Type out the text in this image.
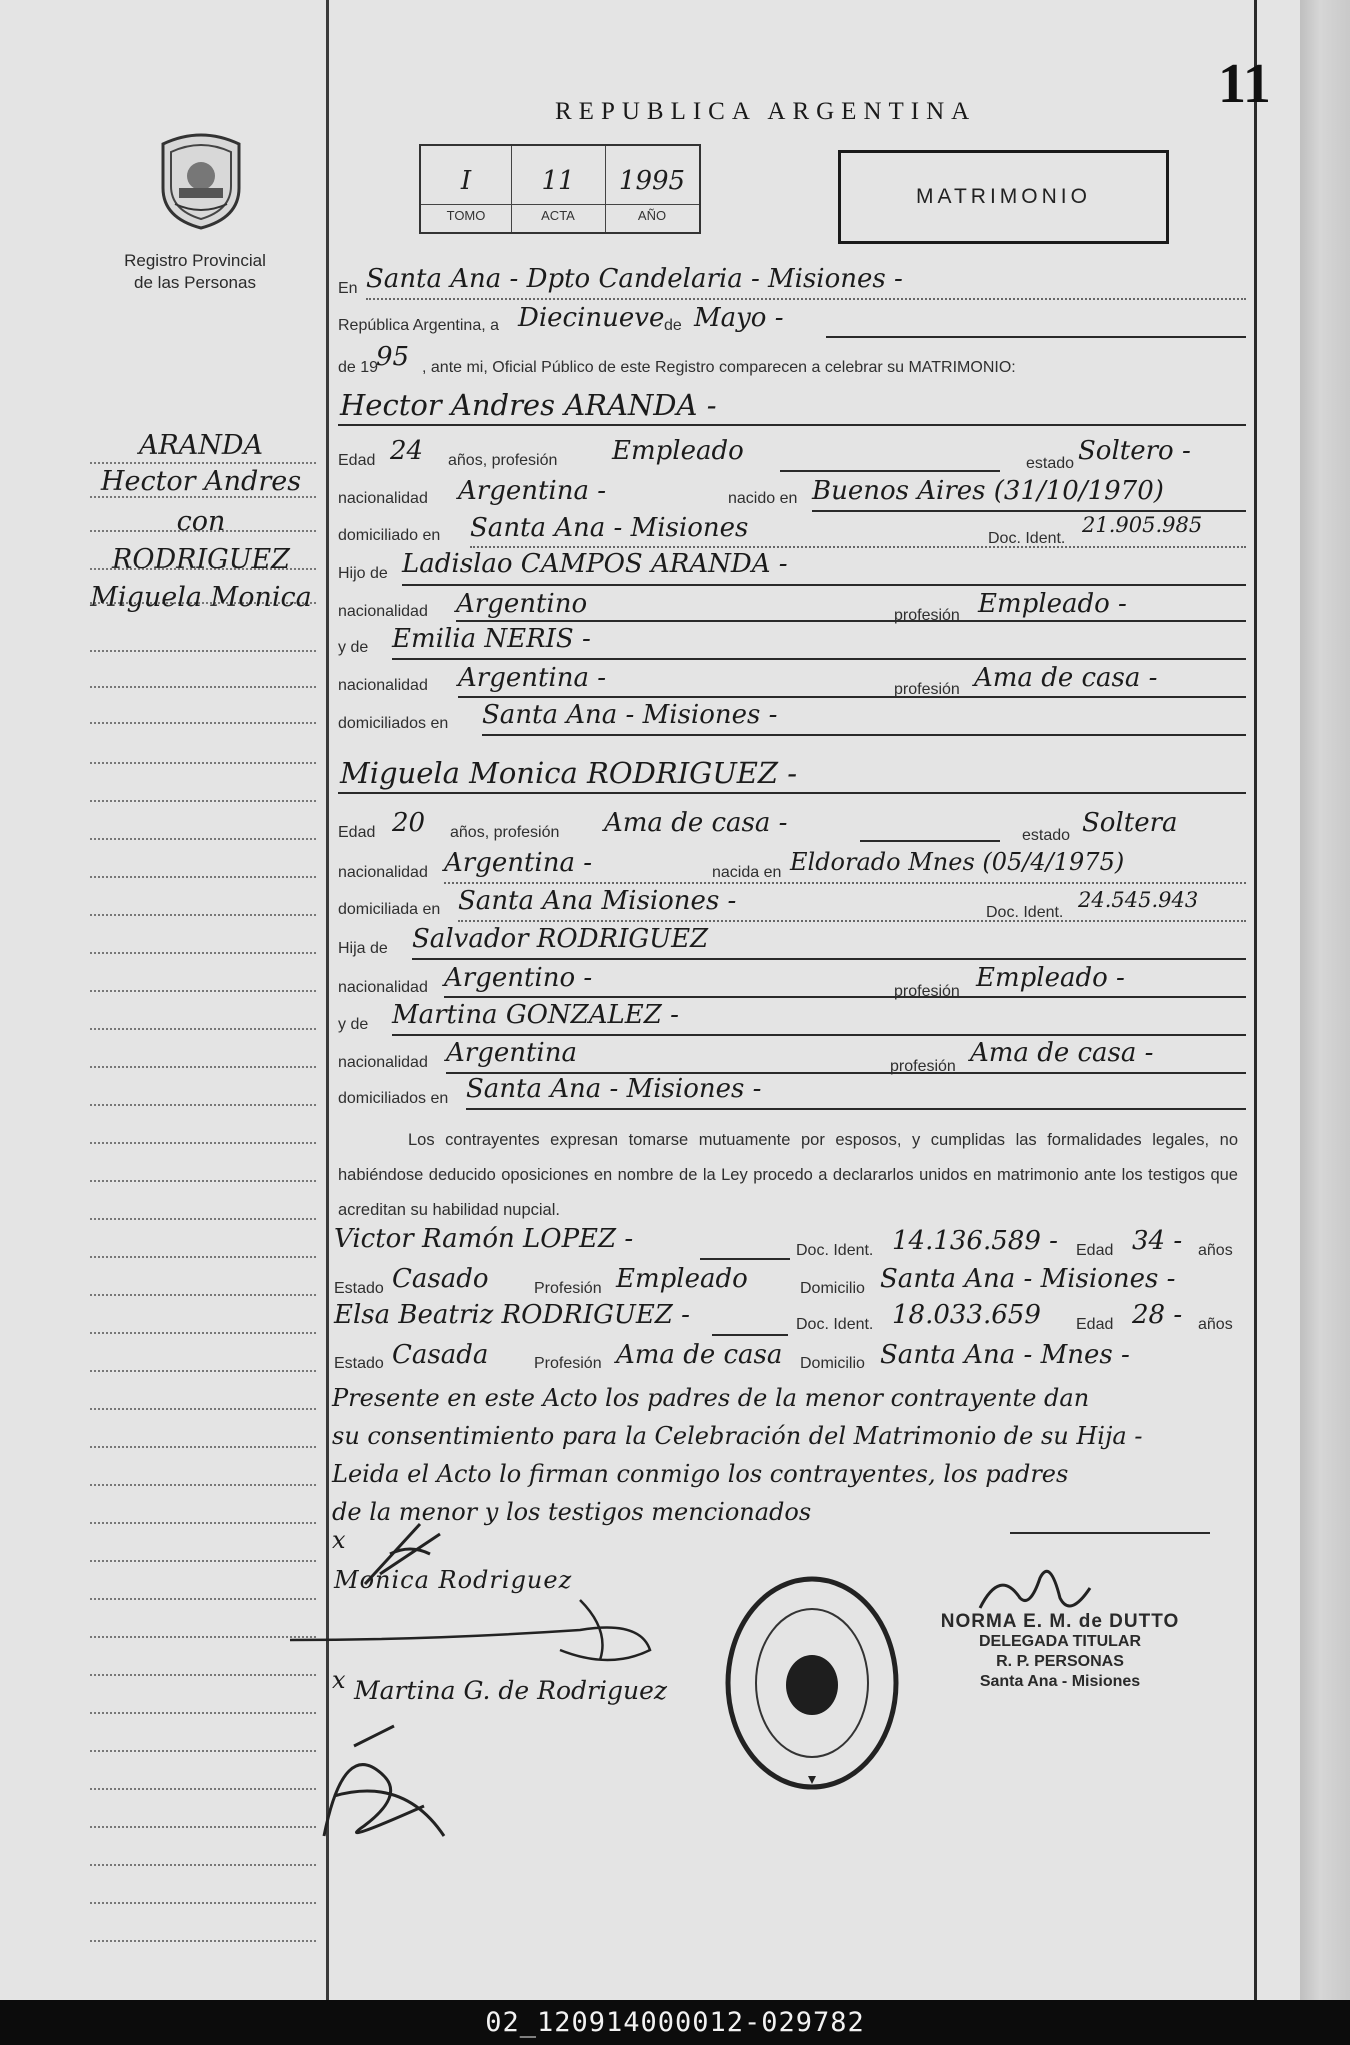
11
REPUBLICA ARGENTINA
Registro Provincial
de las Personas
I
TOMO
11
ACTA
1995
AÑO
MATRIMONIO
ARANDA
Hector Andres
con
RODRIGUEZ
Miguela Monica
En Santa Ana - Dpto Candelaria - Misiones -
República Argentina, a Diecinueve de Mayo -
de 19
95 , ante mi, Oficial Público de este Registro comparecen a celebrar su MATRIMONIO:
Hector Andres ARANDA -
Edad 24 años, profesión Empleado	estado Soltero -
nacionalidad Argentina -	nacido en Buenos Aires (31/10/1970)
domiciliado en Santa Ana - Misiones	Doc. Ident.
21.905.985
Hijo de Ladislao CAMPOS ARANDA -
nacionalidad Argentino	profesión Empleado -
y de Emilia NERIS -
nacionalidad Argentina -	profesión Ama de casa -
domiciliados en Santa Ana - Misiones -
Miguela Monica RODRIGUEZ -
Edad 20 años, profesión Ama de casa -	estado Soltera
nacionalidad Argentina -	nacida en Eldorado Mnes (05/4/1975)
domiciliada en Santa Ana Misiones -	Doc. Ident.
24.545.943
Hija de Salvador RODRIGUEZ
nacionalidad Argentino -	profesión Empleado -
y de Martina GONZALEZ -
nacionalidad Argentina	profesión Ama de casa -
domiciliados en Santa Ana - Misiones -
Los contrayentes expresan tomarse mutuamente por esposos, y cumplidas las formalidades legales, no habiéndose deducido oposiciones en nombre de la Ley procedo a declararlos unidos en matrimonio ante los testigos que acreditan su habilidad nupcial.
Victor Ramón LOPEZ -	Doc. Ident. 14.136.589 - Edad 34 - años
Estado Casado	Profesión Empleado	Domicilio Santa Ana - Misiones -
Elsa Beatriz RODRIGUEZ -	Doc. Ident. 18.033.659 Edad 28 - años
Estado Casada	Profesión Ama de casa Domicilio Santa Ana - Mnes -
Presente en este Acto los padres de la menor contrayente dan
su consentimiento para la Celebración del Matrimonio de su Hija -
Leida el Acto lo firman conmigo los contrayentes, los padres
de la menor y los testigos mencionados
x
Monica Rodriguez
x Martina G. de Rodriguez
NORMA E. M. de DUTTO
DELEGADA TITULAR
R. P. PERSONAS
Santa Ana - Misiones
02_120914000012-029782
